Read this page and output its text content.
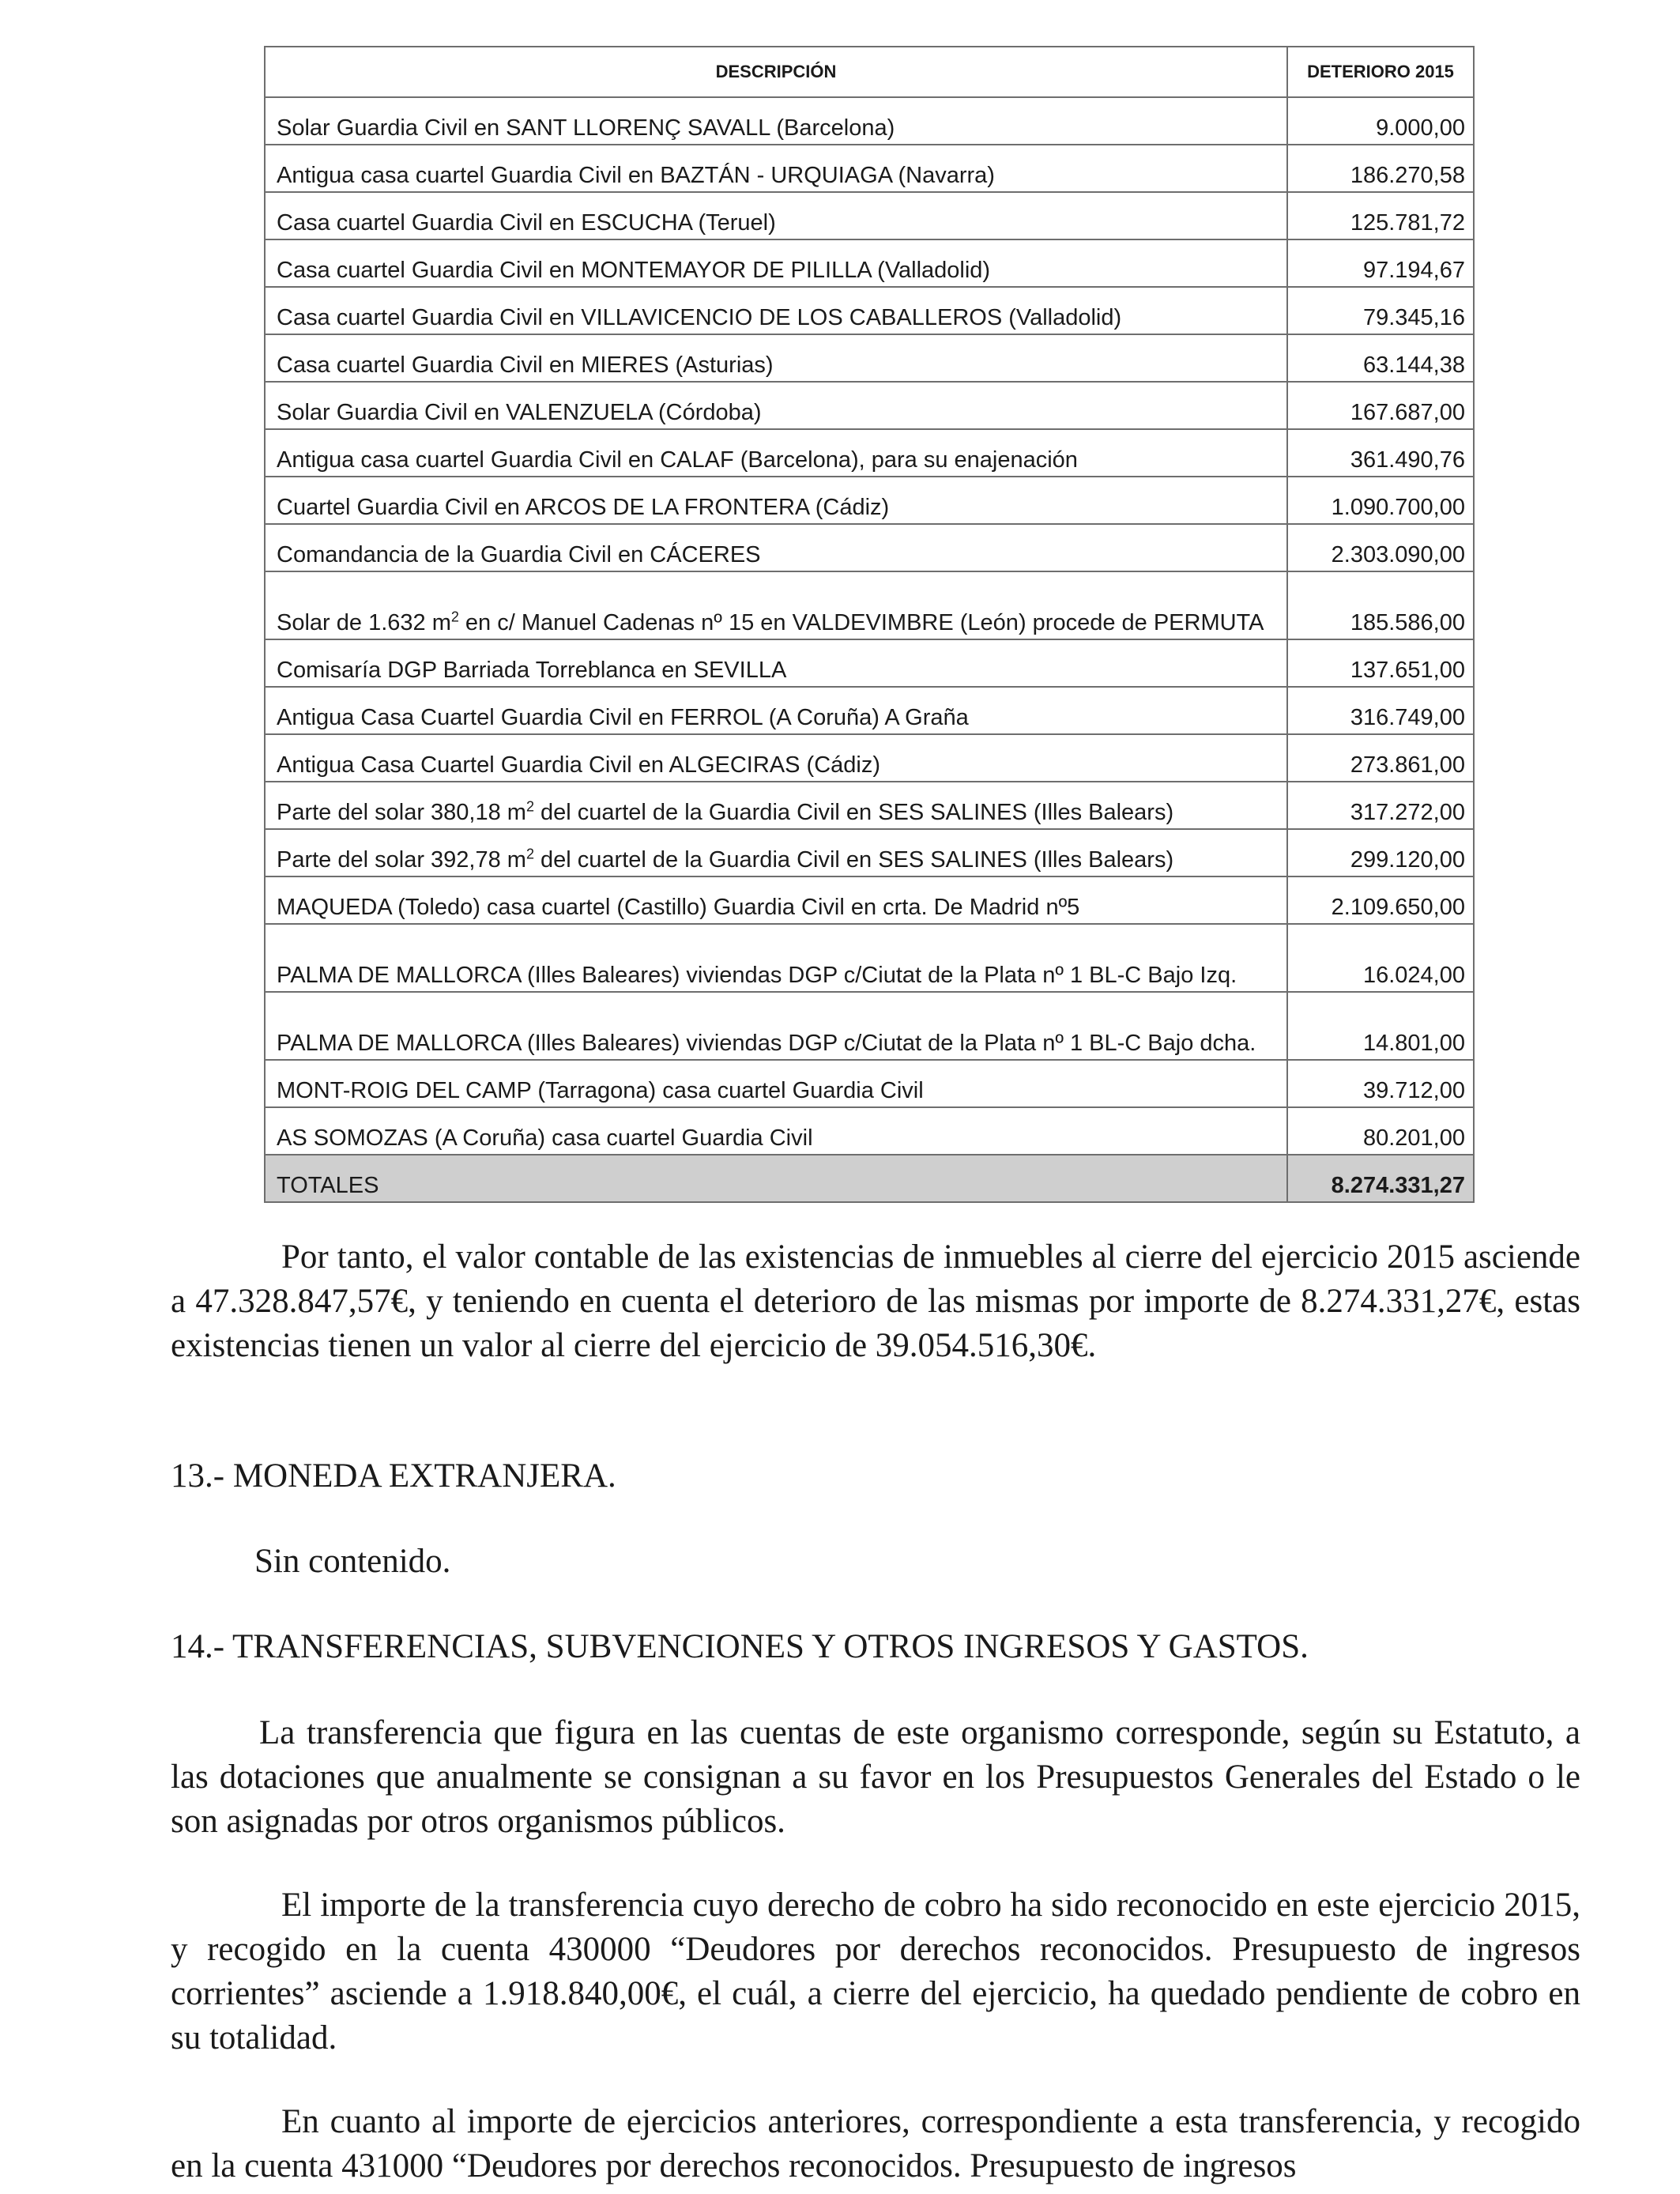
DESCRIPCIÓN	DETERIORO 2015
Solar Guardia Civil en SANT LLORENÇ SAVALL (Barcelona)	9.000,00
Antigua casa cuartel Guardia Civil en BAZTÁN - URQUIAGA (Navarra)	186.270,58
Casa cuartel Guardia Civil en ESCUCHA (Teruel)	125.781,72
Casa cuartel Guardia Civil en MONTEMAYOR DE PILILLA (Valladolid)	97.194,67
Casa cuartel Guardia Civil en VILLAVICENCIO DE LOS CABALLEROS (Valladolid)	79.345,16
Casa cuartel Guardia Civil en MIERES (Asturias)	63.144,38
Solar Guardia Civil en VALENZUELA (Córdoba)	167.687,00
Antigua casa cuartel Guardia Civil en CALAF (Barcelona), para su enajenación	361.490,76
Cuartel Guardia Civil en ARCOS DE LA FRONTERA (Cádiz)	1.090.700,00
Comandancia de la Guardia Civil en CÁCERES	2.303.090,00
Solar de 1.632 $m^2$ en c/ Manuel Cadenas nº 15 en VALDEVIMBRE (León) procede de PERMUTA	185.586,00
Comisaría DGP Barriada Torreblanca en SEVILLA	137.651,00
Antigua Casa Cuartel Guardia Civil en FERROL (A Coruña) A Graña	316.749,00
Antigua Casa Cuartel Guardia Civil en ALGECIRAS (Cádiz)	273.861,00
Parte del solar 380,18 $m^2$ del cuartel de la Guardia Civil en SES SALINES (Illes Balears)	317.272,00
Parte del solar 392,78 $m^2$ del cuartel de la Guardia Civil en SES SALINES (Illes Balears)	299.120,00
MAQUEDA (Toledo) casa cuartel (Castillo) Guardia Civil en crta. De Madrid nº5	2.109.650,00
PALMA DE MALLORCA (Illes Baleares) viviendas DGP c/Ciutat de la Plata nº 1 BL-C Bajo Izq.	16.024,00
PALMA DE MALLORCA (Illes Baleares) viviendas DGP c/Ciutat de la Plata nº 1 BL-C Bajo dcha.	14.801,00
MONT-ROIG DEL CAMP (Tarragona) casa cuartel Guardia Civil	39.712,00
AS SOMOZAS (A Coruña) casa cuartel Guardia Civil	80.201,00
TOTALES	8.274.331,27

Por tanto, el valor contable de las existencias de inmuebles al cierre del ejercicio 2015 asciende a 47.328.847,57€, y teniendo en cuenta el deterioro de las mismas por importe de 8.274.331,27€, estas existencias tienen un valor al cierre del ejercicio de 39.054.516,30€.

13.- MONEDA EXTRANJERA.

Sin contenido.

14.- TRANSFERENCIAS, SUBVENCIONES Y OTROS INGRESOS Y GASTOS.

La transferencia que figura en las cuentas de este organismo corresponde, según su Estatuto, a las dotaciones que anualmente se consignan a su favor en los Presupuestos Generales del Estado o le son asignadas por otros organismos públicos.

El importe de la transferencia cuyo derecho de cobro ha sido reconocido en este ejercicio 2015, y recogido en la cuenta 430000 “Deudores por derechos reconocidos. Presupuesto de ingresos corrientes” asciende a 1.918.840,00€, el cuál, a cierre del ejercicio, ha quedado pendiente de cobro en su totalidad.

En cuanto al importe de ejercicios anteriores, correspondiente a esta transferencia, y recogido en la cuenta 431000 “Deudores por derechos reconocidos. Presupuesto de ingresos
